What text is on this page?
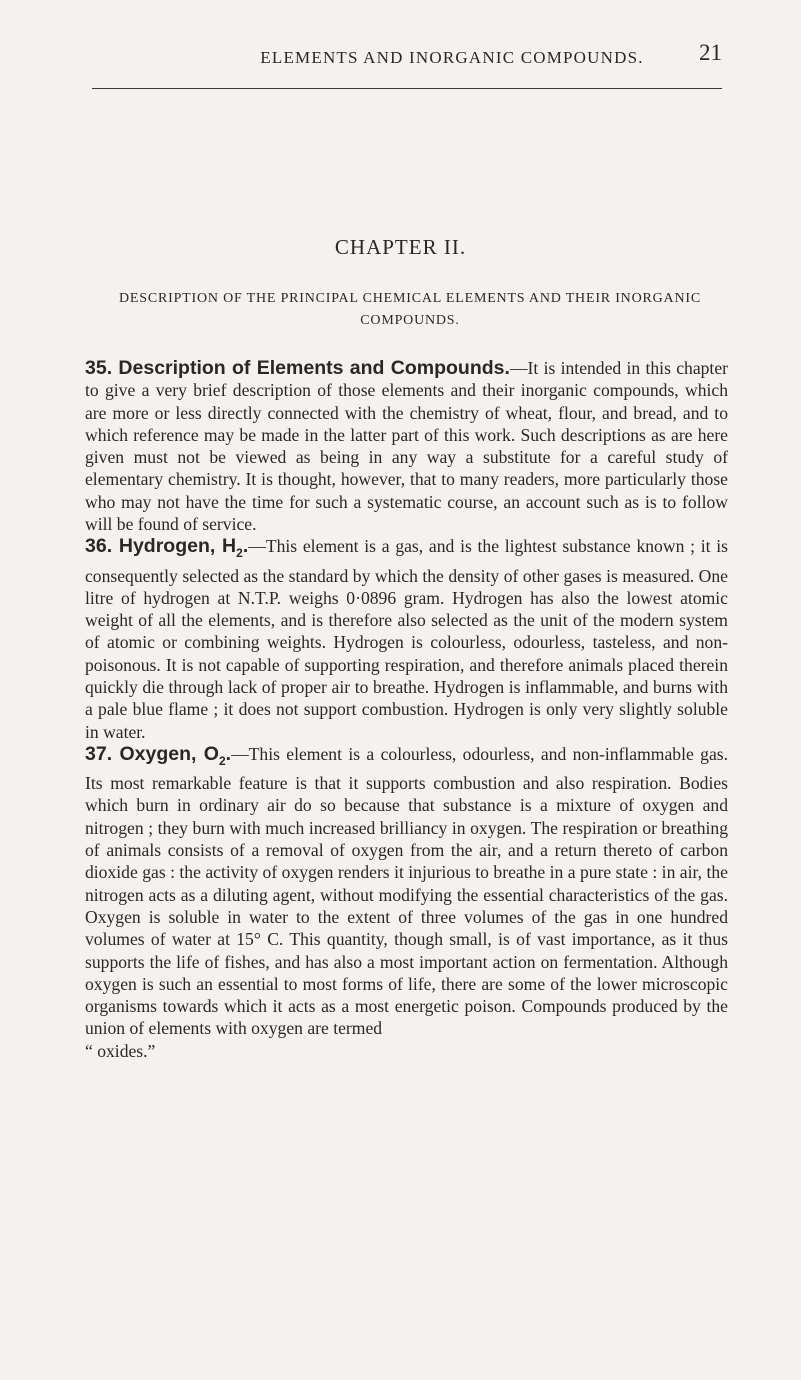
ELEMENTS AND INORGANIC COMPOUNDS.	21
CHAPTER II.
DESCRIPTION OF THE PRINCIPAL CHEMICAL ELEMENTS AND THEIR INORGANIC COMPOUNDS.

35. Description of Elements and Compounds.—It is intended in this chapter to give a very brief description of those elements and their inorganic compounds, which are more or less directly connected with the chemistry of wheat, flour, and bread, and to which reference may be made in the latter part of this work. Such descriptions as are here given must not be viewed as being in any way a substitute for a careful study of elementary chemistry. It is thought, however, that to many readers, more particularly those who may not have the time for such a systematic course, an account such as is to follow will be found of service.

36. Hydrogen, $H_2.—This$ element is a gas, and is the lightest substance known ; it is consequently selected as the standard by which the density of other gases is measured. One litre of hydrogen at N.T.P. weighs 0·0896 gram. Hydrogen has also the lowest atomic weight of all the elements, and is therefore also selected as the unit of the modern system of atomic or combining weights. Hydrogen is colourless, odourless, tasteless, and non-poisonous. It is not capable of supporting respiration, and therefore animals placed therein quickly die through lack of proper air to breathe. Hydrogen is inflammable, and burns with a pale blue flame ; it does not support combustion. Hydrogen is only very slightly soluble in water.

37. Oxygen, $O_2.—This$ element is a colourless, odourless, and non-inflammable gas. Its most remarkable feature is that it supports combustion and also respiration. Bodies which burn in ordinary air do so because that substance is a mixture of oxygen and nitrogen ; they burn with much increased brilliancy in oxygen. The respiration or breathing of animals consists of a removal of oxygen from the air, and a return thereto of carbon dioxide gas : the activity of oxygen renders it injurious to breathe in a pure state : in air, the nitrogen acts as a diluting agent, without modifying the essential characteristics of the gas. Oxygen is soluble in water to the extent of three volumes of the gas in one hundred volumes of water at 15° C. This quantity, though small, is of vast importance, as it thus supports the life of fishes, and has also a most important action on fermentation. Although oxygen is such an essential to most forms of life, there are some of the lower microscopic organisms towards which it acts as a most energetic poison. Compounds produced by the union of elements with oxygen are termed
“ oxides.”
